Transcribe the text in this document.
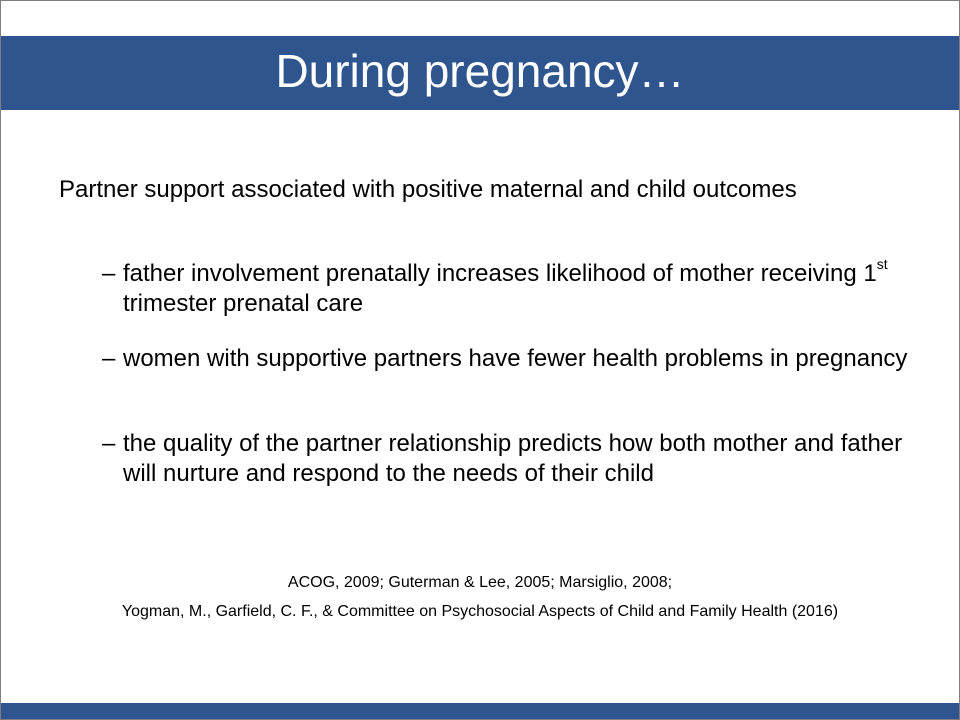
During pregnancy…
Partner support associated with positive maternal and child outcomes
– father involvement prenatally increases likelihood of mother receiving 1st trimester prenatal care
– women with supportive partners have fewer health problems in pregnancy
– the quality of the partner relationship predicts how both mother and father will nurture and respond to the needs of their child
ACOG, 2009; Guterman & Lee, 2005; Marsiglio, 2008;
Yogman, M., Garfield, C. F., & Committee on Psychosocial Aspects of Child and Family Health (2016)
